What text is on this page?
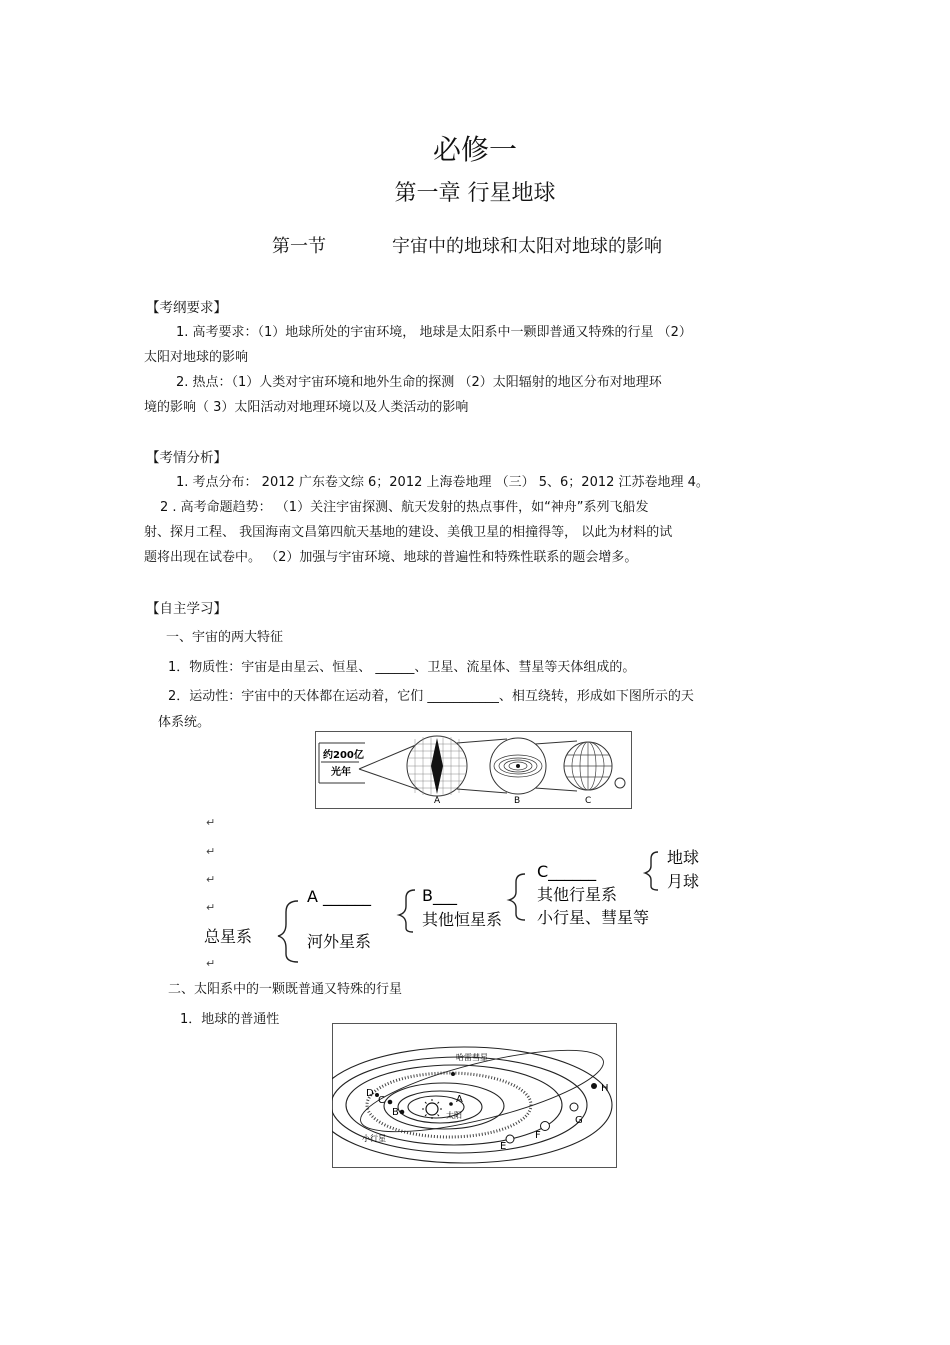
必修一
第一章 行星地球
第一节	宇宙中的地球和太阳对地球的影响
【考纲要求】
1. 高考要求：（1）地球所处的宇宙环境， 地球是太阳系中一颗即普通又特殊的行星 （2）
太阳对地球的影响
2. 热点：（1）人类对宇宙环境和地外生命的探测 （2）太阳辐射的地区分布对地理环
境的影响（ 3）太阳活动对地理环境以及人类活动的影响
【考情分析】
1. 考点分布： 2012 广东卷文综 6；2012 上海卷地理 （三） 5、6；2012 江苏卷地理 4。
2 . 高考命题趋势： （1）关注宇宙探测、航天发射的热点事件，如“神舟”系列飞船发
射、探月工程、 我国海南文昌第四航天基地的建设、美俄卫星的相撞得等， 以此为材料的试
题将出现在试卷中。 （2）加强与宇宙环境、地球的普遍性和特殊性联系的题会增多。
【自主学习】
一、宇宙的两大特征
1．物质性：宇宙是由星云、恒星、 ______、卫星、流星体、彗星等天体组成的。
2．运动性：宇宙中的天体都在运动着，它们 ___________、相互绕转，形成如下图所示的天
体系统。
约200亿
光年
A	B	C
↵
↵
↵
↵
↵
总星系
A ______
河外星系
B___
其他恒星系
C______
其他行星系
小行星、彗星等
地球
月球
二、太阳系中的一颗既普通又特殊的行星
1．地球的普通性
太阳
哈雷彗星
小行星
A
B
C
D
E
F
G
H
